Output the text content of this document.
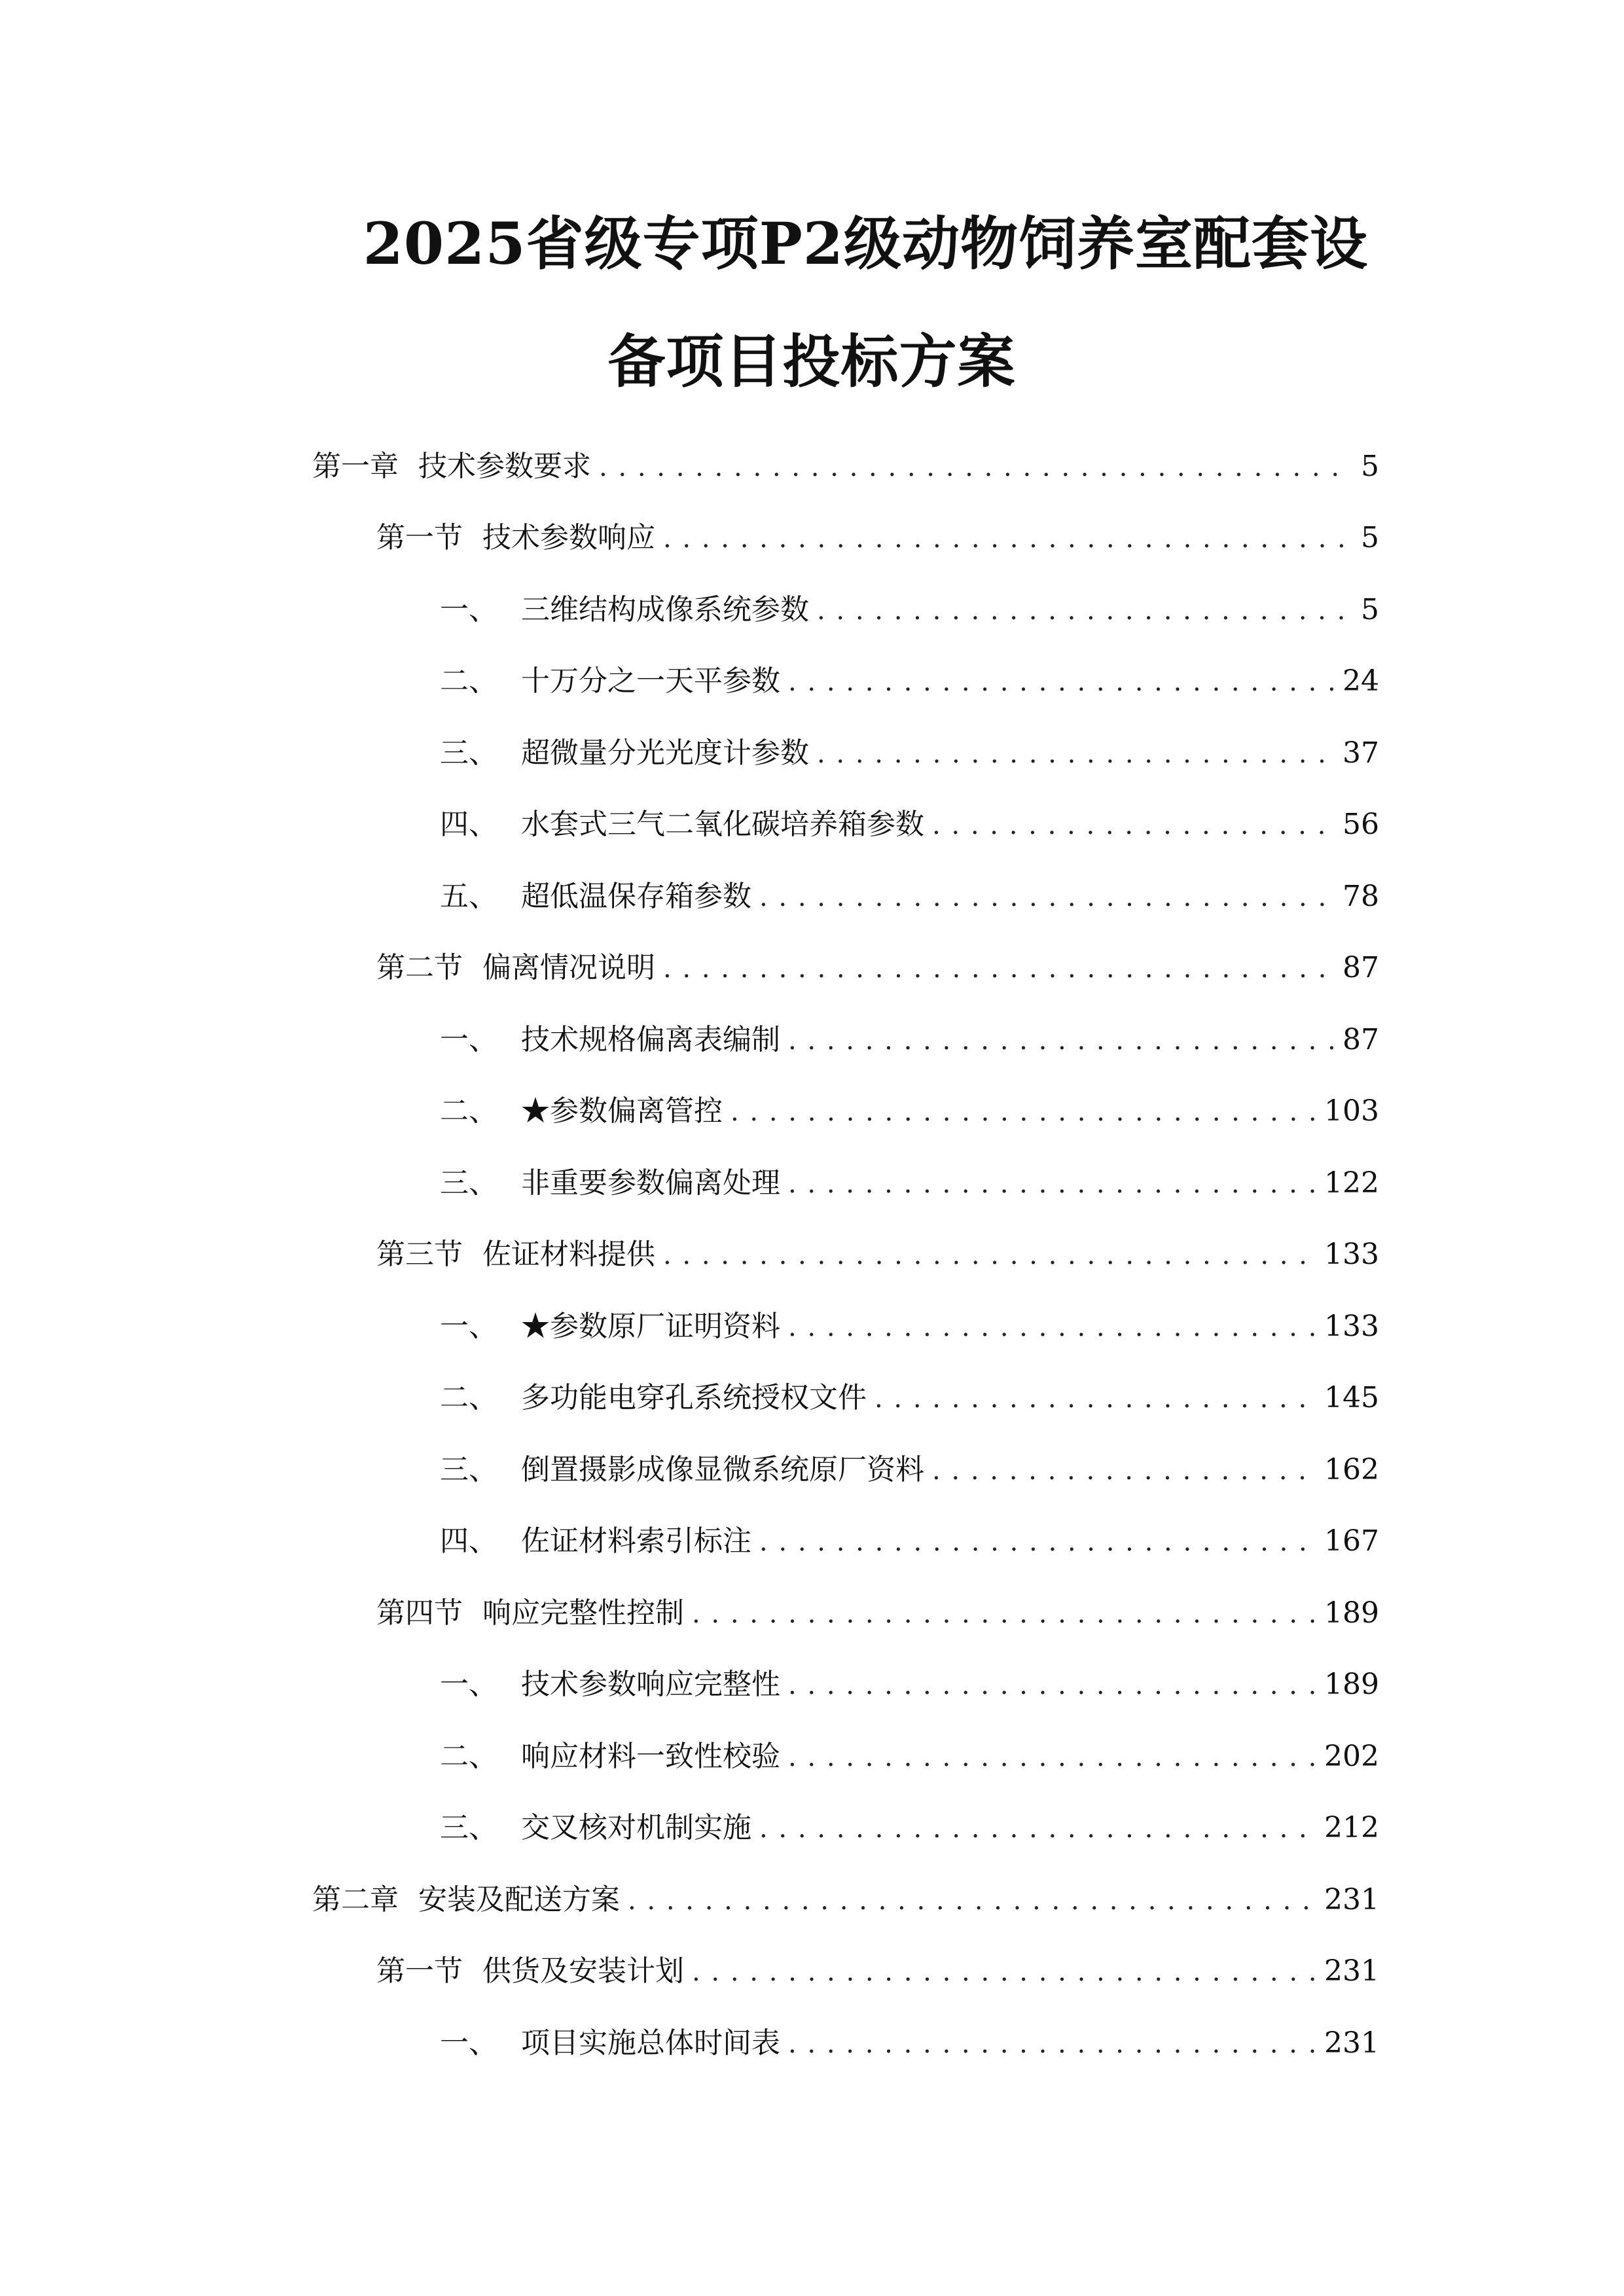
2025省级专项P2级动物饲养室配套设
备项目投标方案
第一章 技术参数要求 . . .	5
第一节 技术参数响应 . . .	5
一、 三维结构成像系统参数 . . .	5
二、 十万分之一天平参数 . . .	24
三、 超微量分光光度计参数 . . .	37
四、 水套式三气二氧化碳培养箱参数 . . .	56
五、 超低温保存箱参数 . . .	78
第二节 偏离情况说明 . . .	87
一、 技术规格偏离表编制 . . .	87
二、 ★参数偏离管控 . . .	103
三、 非重要参数偏离处理 . . .	122
第三节 佐证材料提供 . . .	133
一、 ★参数原厂证明资料 . . .	133
二、 多功能电穿孔系统授权文件 . . .	145
三、 倒置摄影成像显微系统原厂资料 . . .	162
四、 佐证材料索引标注 . . .	167
第四节 响应完整性控制 . . .	189
一、 技术参数响应完整性 . . .	189
二、 响应材料一致性校验 . . .	202
三、 交叉核对机制实施 . . .	212
第二章 安装及配送方案 . . .	231
第一节 供货及安装计划 . . .	231
一、 项目实施总体时间表 . . .	231
